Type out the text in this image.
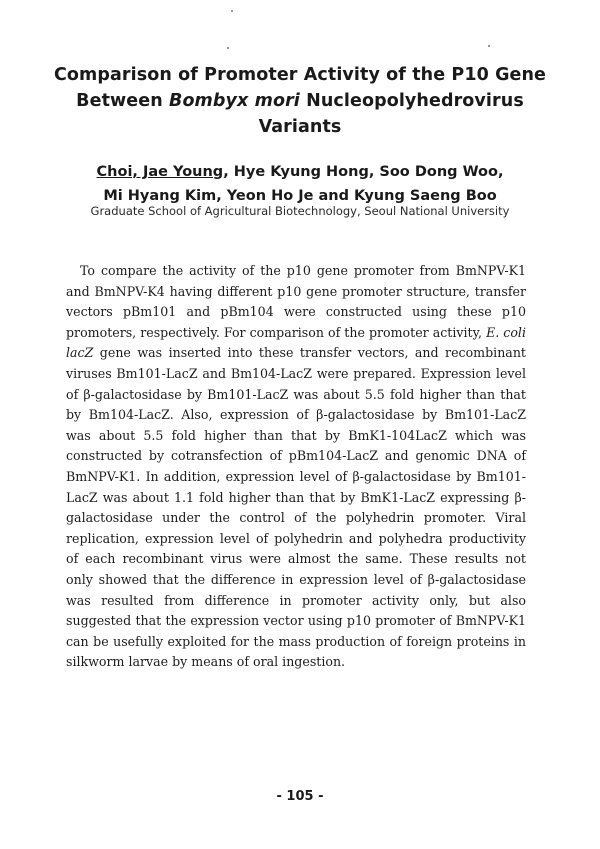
Comparison of Promoter Activity of the P10 Gene
Between Bombyx mori Nucleopolyhedrovirus Variants
Choi, Jae Young, Hye Kyung Hong, Soo Dong Woo,
Mi Hyang Kim, Yeon Ho Je and Kyung Saeng Boo
Graduate School of Agricultural Biotechnology, Seoul National University

To compare the activity of the p10 gene promoter from BmNPV-K1 and BmNPV-K4 having different p10 gene promoter structure, transfer vectors pBm101 and pBm104 were constructed using these p10 promoters, respectively. For comparison of the promoter activity, E. coli lacZ gene was inserted into these transfer vectors, and recombinant viruses Bm101-LacZ and Bm104-LacZ were prepared. Expression level of β-galactosidase by Bm101-LacZ was about 5.5 fold higher than that by Bm104-LacZ. Also, expression of β-galactosidase by Bm101-LacZ was about 5.5 fold higher than that by BmK1-104LacZ which was constructed by cotransfection of pBm104-LacZ and genomic DNA of BmNPV-K1. In addition, expression level of β-galactosidase by Bm101-LacZ was about 1.1 fold higher than that by BmK1-LacZ expressing β-galactosidase under the control of the polyhedrin promoter. Viral replication, expression level of polyhedrin and polyhedra productivity of each recombinant virus were almost the same. These results not only showed that the difference in expression level of β-galactosidase was resulted from difference in promoter activity only, but also suggested that the expression vector using p10 promoter of BmNPV-K1 can be usefully exploited for the mass production of foreign proteins in silkworm larvae by means of oral ingestion.

- 105 -
